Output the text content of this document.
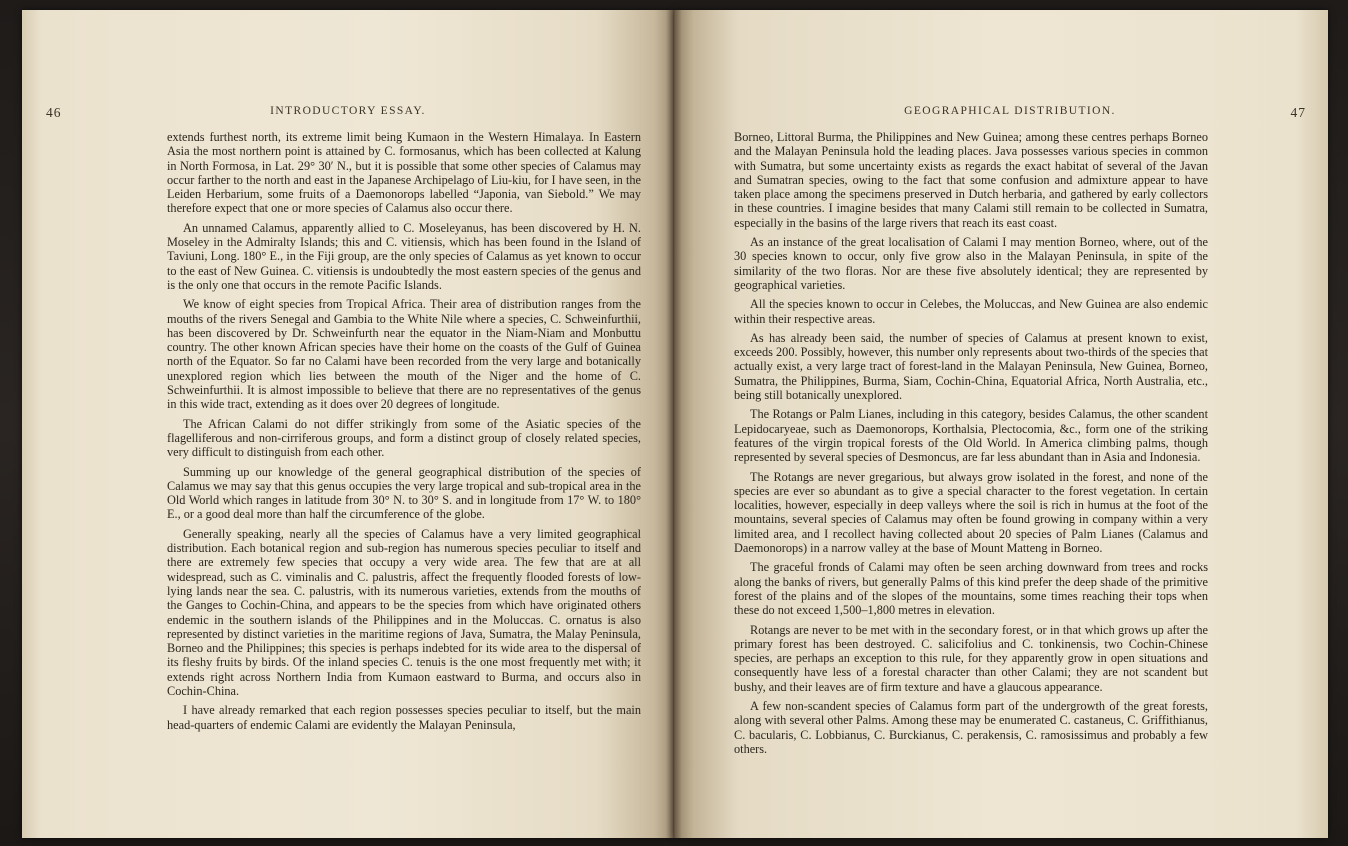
46	INTRODUCTORY ESSAY.

extends furthest north, its extreme limit being Kumaon in the Western Himalaya. In Eastern Asia the most northern point is attained by C. formosanus, which has been collected at Kalung in North Formosa, in Lat. 29° 30′ N., but it is possible that some other species of Calamus may occur farther to the north and east in the Japanese Archipelago of Liu-kiu, for I have seen, in the Leiden Herbarium, some fruits of a Daemonorops labelled “Japonia, van Siebold.” We may therefore expect that one or more species of Calamus also occur there.

An unnamed Calamus, apparently allied to C. Moseleyanus, has been discovered by H. N. Moseley in the Admiralty Islands; this and C. vitiensis, which has been found in the Island of Taviuni, Long. 180° E., in the Fiji group, are the only species of Calamus as yet known to occur to the east of New Guinea. C. vitiensis is undoubtedly the most eastern species of the genus and is the only one that occurs in the remote Pacific Islands.

We know of eight species from Tropical Africa. Their area of distribution ranges from the mouths of the rivers Senegal and Gambia to the White Nile where a species, C. Schweinfurthii, has been discovered by Dr. Schweinfurth near the equator in the Niam-Niam and Monbuttu country. The other known African species have their home on the coasts of the Gulf of Guinea north of the Equator. So far no Calami have been recorded from the very large and botanically unexplored region which lies between the mouth of the Niger and the home of C. Schweinfurthii. It is almost impossible to believe that there are no representatives of the genus in this wide tract, extending as it does over 20 degrees of longitude.

The African Calami do not differ strikingly from some of the Asiatic species of the flagelliferous and non-cirriferous groups, and form a distinct group of closely related species, very difficult to distinguish from each other.

Summing up our knowledge of the general geographical distribution of the species of Calamus we may say that this genus occupies the very large tropical and sub-tropical area in the Old World which ranges in latitude from 30° N. to 30° S. and in longitude from 17° W. to 180° E., or a good deal more than half the circumference of the globe.

Generally speaking, nearly all the species of Calamus have a very limited geographical distribution. Each botanical region and sub-region has numerous species peculiar to itself and there are extremely few species that occupy a very wide area. The few that are at all widespread, such as C. viminalis and C. palustris, affect the frequently flooded forests of low-lying lands near the sea. C. palustris, with its numerous varieties, extends from the mouths of the Ganges to Cochin-China, and appears to be the species from which have originated others endemic in the southern islands of the Philippines and in the Moluccas. C. ornatus is also represented by distinct varieties in the maritime regions of Java, Sumatra, the Malay Peninsula, Borneo and the Philippines; this species is perhaps indebted for its wide area to the dispersal of its fleshy fruits by birds. Of the inland species C. tenuis is the one most frequently met with; it extends right across Northern India from Kumaon eastward to Burma, and occurs also in Cochin-China.

I have already remarked that each region possesses species peculiar to itself, but the main head-quarters of endemic Calami are evidently the Malayan Peninsula,

GEOGRAPHICAL DISTRIBUTION.	47

Borneo, Littoral Burma, the Philippines and New Guinea; among these centres perhaps Borneo and the Malayan Peninsula hold the leading places. Java possesses various species in common with Sumatra, but some uncertainty exists as regards the exact habitat of several of the Javan and Sumatran species, owing to the fact that some confusion and admixture appear to have taken place among the specimens preserved in Dutch herbaria, and gathered by early collectors in these countries. I imagine besides that many Calami still remain to be collected in Sumatra, especially in the basins of the large rivers that reach its east coast.

As an instance of the great localisation of Calami I may mention Borneo, where, out of the 30 species known to occur, only five grow also in the Malayan Peninsula, in spite of the similarity of the two floras. Nor are these five absolutely identical; they are represented by geographical varieties.

All the species known to occur in Celebes, the Moluccas, and New Guinea are also endemic within their respective areas.

As has already been said, the number of species of Calamus at present known to exist, exceeds 200. Possibly, however, this number only represents about two-thirds of the species that actually exist, a very large tract of forest-land in the Malayan Peninsula, New Guinea, Borneo, Sumatra, the Philippines, Burma, Siam, Cochin-China, Equatorial Africa, North Australia, etc., being still botanically unexplored.

The Rotangs or Palm Lianes, including in this category, besides Calamus, the other scandent Lepidocaryeae, such as Daemonorops, Korthalsia, Plectocomia, &c., form one of the striking features of the virgin tropical forests of the Old World. In America climbing palms, though represented by several species of Desmoncus, are far less abundant than in Asia and Indonesia.

The Rotangs are never gregarious, but always grow isolated in the forest, and none of the species are ever so abundant as to give a special character to the forest vegetation. In certain localities, however, especially in deep valleys where the soil is rich in humus at the foot of the mountains, several species of Calamus may often be found growing in company within a very limited area, and I recollect having collected about 20 species of Palm Lianes (Calamus and Daemonorops) in a narrow valley at the base of Mount Matteng in Borneo.

The graceful fronds of Calami may often be seen arching downward from trees and rocks along the banks of rivers, but generally Palms of this kind prefer the deep shade of the primitive forest of the plains and of the slopes of the mountains, some times reaching their tops when these do not exceed 1,500–1,800 metres in elevation.

Rotangs are never to be met with in the secondary forest, or in that which grows up after the primary forest has been destroyed. C. salicifolius and C. tonkinensis, two Cochin-Chinese species, are perhaps an exception to this rule, for they apparently grow in open situations and consequently have less of a forestal character than other Calami; they are not scandent but bushy, and their leaves are of firm texture and have a glaucous appearance.

A few non-scandent species of Calamus form part of the undergrowth of the great forests, along with several other Palms. Among these may be enumerated C. castaneus, C. Griffithianus, C. bacularis, C. Lobbianus, C. Burckianus, C. perakensis, C. ramosissimus and probably a few others.
